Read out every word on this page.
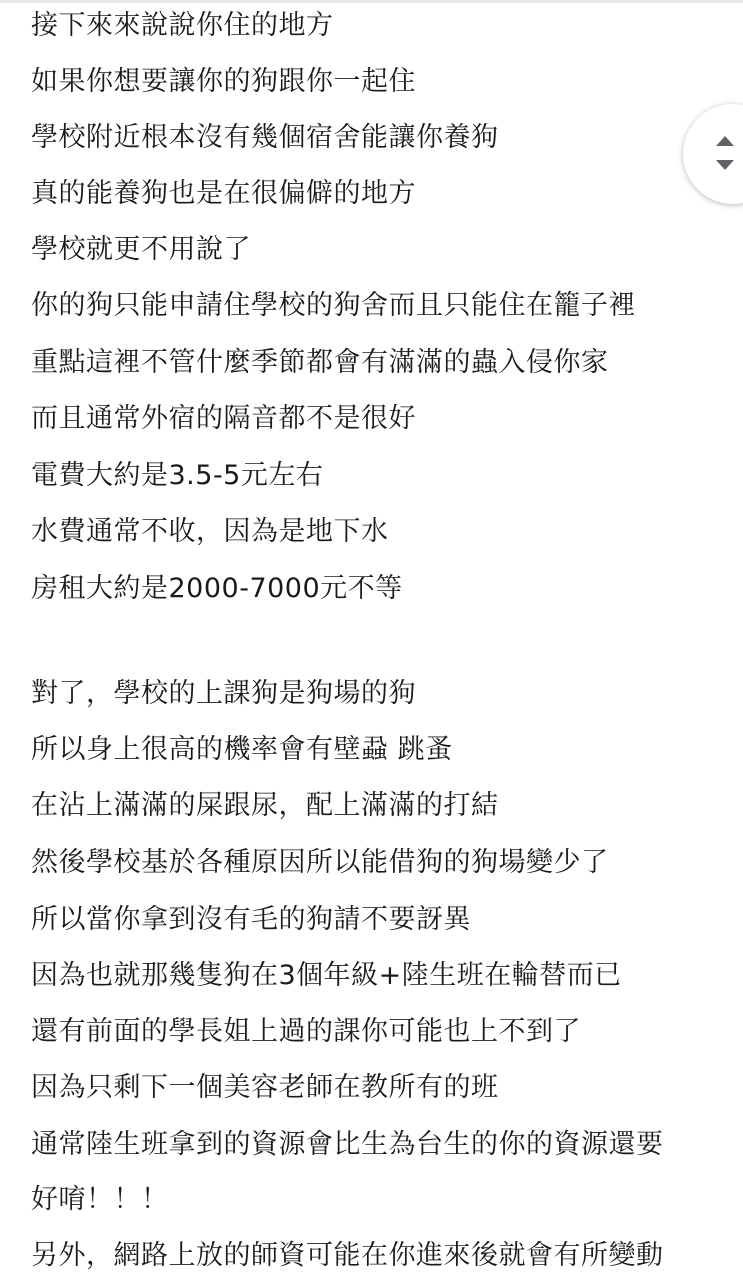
接下來來說說你住的地方
如果你想要讓你的狗跟你一起住
學校附近根本沒有幾個宿舍能讓你養狗
真的能養狗也是在很偏僻的地方
學校就更不用說了
你的狗只能申請住學校的狗舍而且只能住在籠子裡
重點這裡不管什麼季節都會有滿滿的蟲入侵你家
而且通常外宿的隔音都不是很好
電費大約是3.5-5元左右
水費通常不收，因為是地下水
房租大約是2000-7000元不等
對了，學校的上課狗是狗場的狗
所以身上很高的機率會有壁蝨 跳蚤
在沾上滿滿的屎跟尿，配上滿滿的打結
然後學校基於各種原因所以能借狗的狗場變少了
所以當你拿到沒有毛的狗請不要訝異
因為也就那幾隻狗在3個年級+陸生班在輪替而已
還有前面的學長姐上過的課你可能也上不到了
因為只剩下一個美容老師在教所有的班
通常陸生班拿到的資源會比生為台生的你的資源還要
好唷！！！
另外，網路上放的師資可能在你進來後就會有所變動
